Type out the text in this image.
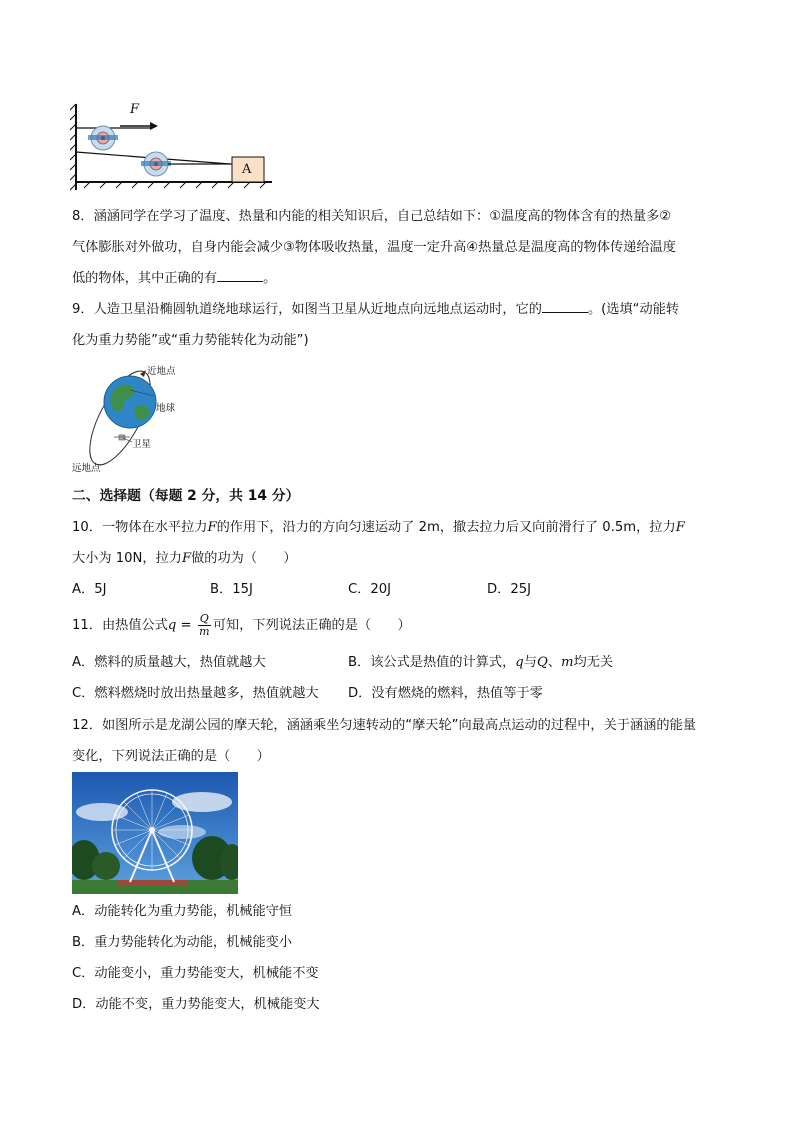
F
A
8．涵涵同学在学习了温度、热量和内能的相关知识后，自己总结如下：①温度高的物体含有的热量多②
气体膨胀对外做功，自身内能会减少③物体吸收热量，温度一定升高④热量总是温度高的物体传递给温度
低的物体，其中正确的有	。
9．人造卫星沿椭圆轨道绕地球运行，如图当卫星从近地点向远地点运动时，它的	。(选填“动能转
化为重力势能”或“重力势能转化为动能”)
近地点
地球
卫星
远地点
二、选择题（每题 2 分，共 14 分）
10．一物体在水平拉力F的作用下，沿力的方向匀速运动了 2m，撤去拉力后又向前滑行了 0.5m，拉力F
大小为 10N，拉力F做的功为（　　）
A．5J	B．15J	C．20J	D．25J
11．由热值公式$q = \frac{Q}{m}$ 可知，下列说法正确的是（　　）
A．燃料的质量越大，热值就越大	B．该公式是热值的计算式，q与Q、m均无关
C．燃料燃烧时放出热量越多，热值就越大 D．没有燃烧的燃料，热值等于零
12．如图所示是龙湖公园的摩天轮，涵涵乘坐匀速转动的“摩天轮”向最高点运动的过程中，关于涵涵的能量
变化，下列说法正确的是（　　）
A．动能转化为重力势能，机械能守恒
B．重力势能转化为动能，机械能变小
C．动能变小，重力势能变大，机械能不变
D．动能不变，重力势能变大，机械能变大
